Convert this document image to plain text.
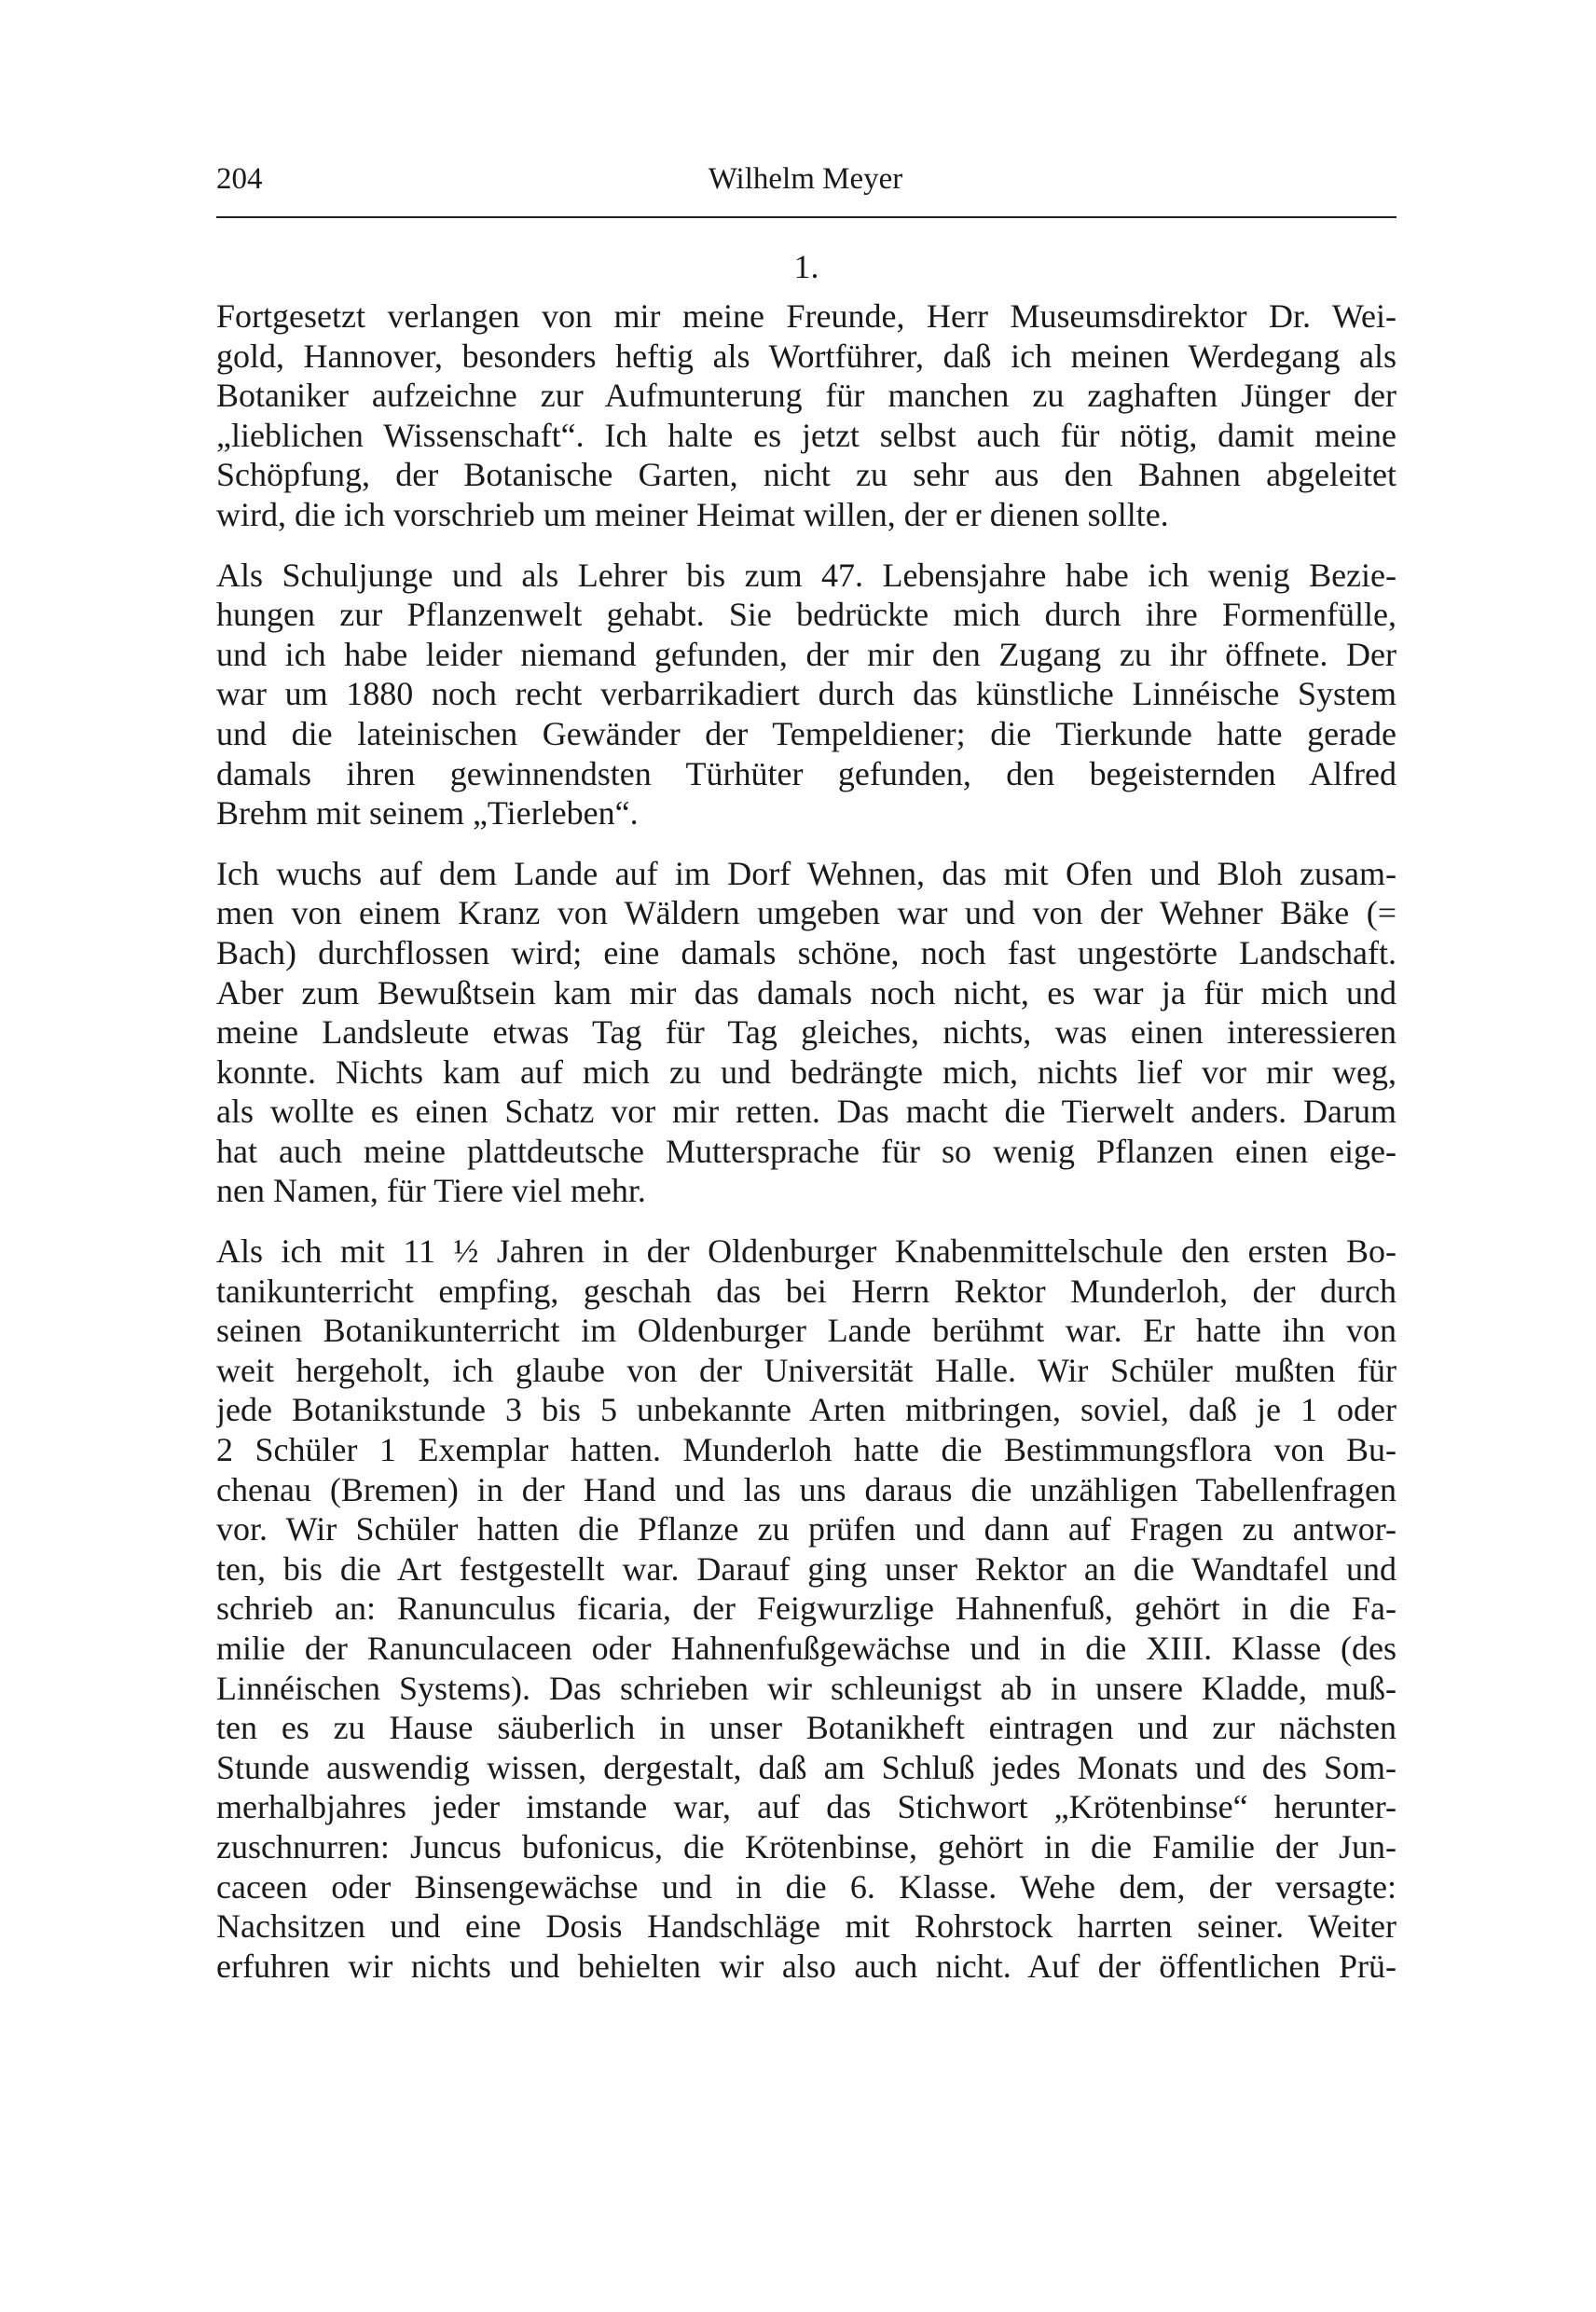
204	Wilhelm Meyer
1.

Fortgesetzt verlangen von mir meine Freunde, Herr Museumsdirektor Dr. Wei-
gold, Hannover, besonders heftig als Wortführer, daß ich meinen Werdegang als
Botaniker aufzeichne zur Aufmunterung für manchen zu zaghaften Jünger der
„lieblichen Wissenschaft“. Ich halte es jetzt selbst auch für nötig, damit meine
Schöpfung, der Botanische Garten, nicht zu sehr aus den Bahnen abgeleitet
wird, die ich vorschrieb um meiner Heimat willen, der er dienen sollte.

Als Schuljunge und als Lehrer bis zum 47. Lebensjahre habe ich wenig Bezie-
hungen zur Pflanzenwelt gehabt. Sie bedrückte mich durch ihre Formenfülle,
und ich habe leider niemand gefunden, der mir den Zugang zu ihr öffnete. Der
war um 1880 noch recht verbarrikadiert durch das künstliche Linnéische System
und die lateinischen Gewänder der Tempeldiener; die Tierkunde hatte gerade
damals ihren gewinnendsten Türhüter gefunden, den begeisternden Alfred
Brehm mit seinem „Tierleben“.

Ich wuchs auf dem Lande auf im Dorf Wehnen, das mit Ofen und Bloh zusam-
men von einem Kranz von Wäldern umgeben war und von der Wehner Bäke (=
Bach) durchflossen wird; eine damals schöne, noch fast ungestörte Landschaft.
Aber zum Bewußtsein kam mir das damals noch nicht, es war ja für mich und
meine Landsleute etwas Tag für Tag gleiches, nichts, was einen interessieren
konnte. Nichts kam auf mich zu und bedrängte mich, nichts lief vor mir weg,
als wollte es einen Schatz vor mir retten. Das macht die Tierwelt anders. Darum
hat auch meine plattdeutsche Muttersprache für so wenig Pflanzen einen eige-
nen Namen, für Tiere viel mehr.

Als ich mit 11 ½ Jahren in der Oldenburger Knabenmittelschule den ersten Bo-
tanikunterricht empfing, geschah das bei Herrn Rektor Munderloh, der durch
seinen Botanikunterricht im Oldenburger Lande berühmt war. Er hatte ihn von
weit hergeholt, ich glaube von der Universität Halle. Wir Schüler mußten für
jede Botanikstunde 3 bis 5 unbekannte Arten mitbringen, soviel, daß je 1 oder
2 Schüler 1 Exemplar hatten. Munderloh hatte die Bestimmungsflora von Bu-
chenau (Bremen) in der Hand und las uns daraus die unzähligen Tabellenfragen
vor. Wir Schüler hatten die Pflanze zu prüfen und dann auf Fragen zu antwor-
ten, bis die Art festgestellt war. Darauf ging unser Rektor an die Wandtafel und
schrieb an: Ranunculus ficaria, der Feigwurzlige Hahnenfuß, gehört in die Fa-
milie der Ranunculaceen oder Hahnenfußgewächse und in die XIII. Klasse (des
Linnéischen Systems). Das schrieben wir schleunigst ab in unsere Kladde, muß-
ten es zu Hause säuberlich in unser Botanikheft eintragen und zur nächsten
Stunde auswendig wissen, dergestalt, daß am Schluß jedes Monats und des Som-
merhalbjahres jeder imstande war, auf das Stichwort „Krötenbinse“ herunter-
zuschnurren: Juncus bufonicus, die Krötenbinse, gehört in die Familie der Jun-
caceen oder Binsengewächse und in die 6. Klasse. Wehe dem, der versagte:
Nachsitzen und eine Dosis Handschläge mit Rohrstock harrten seiner. Weiter
erfuhren wir nichts und behielten wir also auch nicht. Auf der öffentlichen Prü-
